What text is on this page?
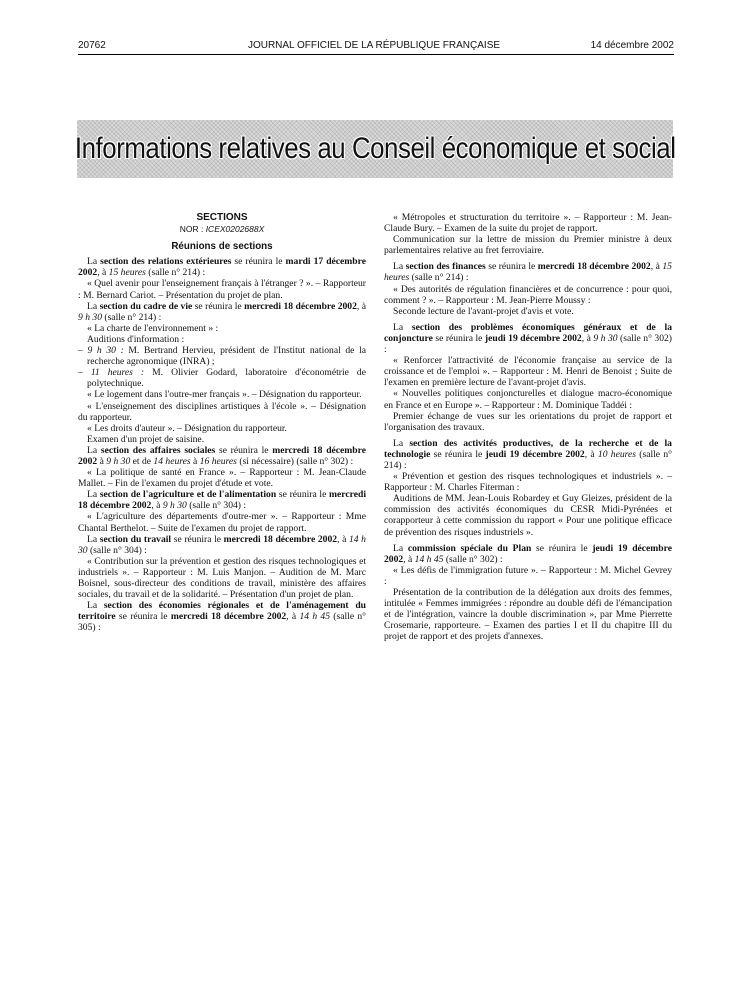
20762	JOURNAL OFFICIEL DE LA RÉPUBLIQUE FRANÇAISE	14 décembre 2002
Informations relatives au Conseil économique et social

SECTIONS

NOR : ICEX0202688X

Réunions de sections

La section des relations extérieures se réunira le mardi 17 décembre 2002, à 15 heures (salle n° 214) :

« Quel avenir pour l'enseignement français à l'étranger ? ». – Rapporteur : M. Bernard Cariot. – Présentation du projet de plan.

La section du cadre de vie se réunira le mercredi 18 décembre 2002, à 9 h 30 (salle n° 214) :

« La charte de l'environnement » :

Auditions d'information :

– 9 h 30 : M. Bertrand Hervieu, président de l'Institut national de la recherche agronomique (INRA) ;

– 11 heures : M. Olivier Godard, laboratoire d'économétrie de polytechnique.

« Le logement dans l'outre-mer français ». – Désignation du rapporteur.

« L'enseignement des disciplines artistiques à l'école ». – Désignation du rapporteur.

« Les droits d'auteur ». – Désignation du rapporteur.

Examen d'un projet de saisine.

La section des affaires sociales se réunira le mercredi 18 décembre 2002 à 9 h 30 et de 14 heures à 16 heures (si nécessaire) (salle n° 302) :

« La politique de santé en France ». – Rapporteur : M. Jean-Claude Mallet. – Fin de l'examen du projet d'étude et vote.

La section de l'agriculture et de l'alimentation se réunira le mercredi 18 décembre 2002, à 9 h 30 (salle n° 304) :

« L'agriculture des départements d'outre-mer ». – Rapporteur : Mme Chantal Berthelot. – Suite de l'examen du projet de rapport.

La section du travail se réunira le mercredi 18 décembre 2002, à 14 h 30 (salle n° 304) :

« Contribution sur la prévention et gestion des risques technologiques et industriels ». – Rapporteur : M. Luis Manjon. – Audition de M. Marc Boisnel, sous-directeur des conditions de travail, ministère des affaires sociales, du travail et de la solidarité. – Présentation d'un projet de plan.

La section des économies régionales et de l'aménagement du territoire se réunira le mercredi 18 décembre 2002, à 14 h 45 (salle n° 305) :

« Métropoles et structuration du territoire ». – Rapporteur : M. Jean-Claude Bury. – Examen de la suite du projet de rapport.

Communication sur la lettre de mission du Premier ministre à deux parlementaires relative au fret ferroviaire.

La section des finances se réunira le mercredi 18 décembre 2002, à 15 heures (salle n° 214) :

« Des autorités de régulation financières et de concurrence : pour quoi, comment ? ». – Rapporteur : M. Jean-Pierre Moussy :

Seconde lecture de l'avant-projet d'avis et vote.

La section des problèmes économiques généraux et de la conjoncture se réunira le jeudi 19 décembre 2002, à 9 h 30 (salle n° 302) :

« Renforcer l'attractivité de l'économie française au service de la croissance et de l'emploi ». – Rapporteur : M. Henri de Benoist ; Suite de l'examen en première lecture de l'avant-projet d'avis.

« Nouvelles politiques conjoncturelles et dialogue macro-économique en France et en Europe ». – Rapporteur : M. Dominique Taddéi :

Premier échange de vues sur les orientations du projet de rapport et l'organisation des travaux.

La section des activités productives, de la recherche et de la technologie se réunira le jeudi 19 décembre 2002, à 10 heures (salle n° 214) :

« Prévention et gestion des risques technologiques et industriels ». – Rapporteur : M. Charles Fiterman :

Auditions de MM. Jean-Louis Robardey et Guy Gleizes, président de la commission des activités économiques du CESR Midi-Pyrénées et corapporteur à cette commission du rapport « Pour une politique efficace de prévention des risques industriels ».

La commission spéciale du Plan se réunira le jeudi 19 décembre 2002, à 14 h 45 (salle n° 302) :

« Les défis de l'immigration future ». – Rapporteur : M. Michel Gevrey :

Présentation de la contribution de la délégation aux droits des femmes, intitulée « Femmes immigrées : répondre au double défi de l'émancipation et de l'intégration, vaincre la double discrimination », par Mme Pierrette Crosemarie, rapporteure. – Examen des parties I et II du chapitre III du projet de rapport et des projets d'annexes.
